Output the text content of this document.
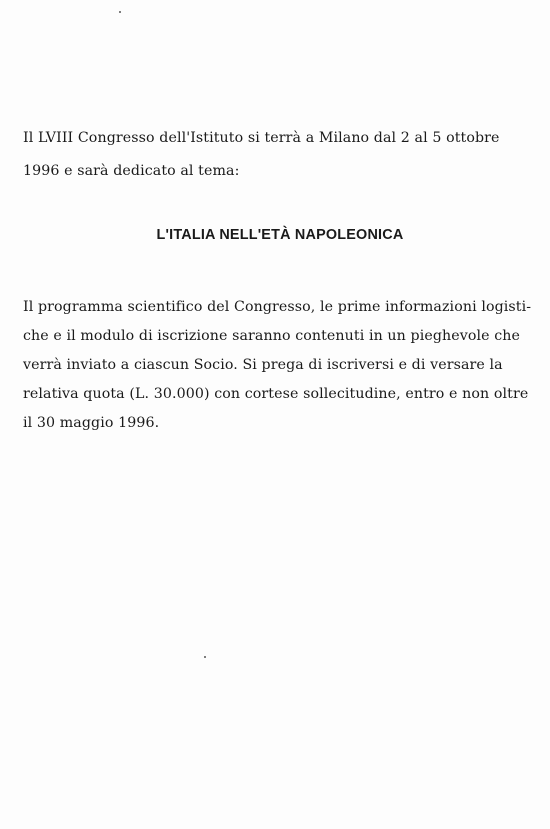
Il LVIII Congresso dell'Istituto si terrà a Milano dal 2 al 5 ottobre
1996 e sarà dedicato al tema:

L'ITALIA NELL'ETÀ NAPOLEONICA

Il programma scientifico del Congresso, le prime informazioni logisti-
che e il modulo di iscrizione saranno contenuti in un pieghevole che
verrà inviato a ciascun Socio. Si prega di iscriversi e di versare la
relativa quota (L. 30.000) con cortese sollecitudine, entro e non oltre
il 30 maggio 1996.
